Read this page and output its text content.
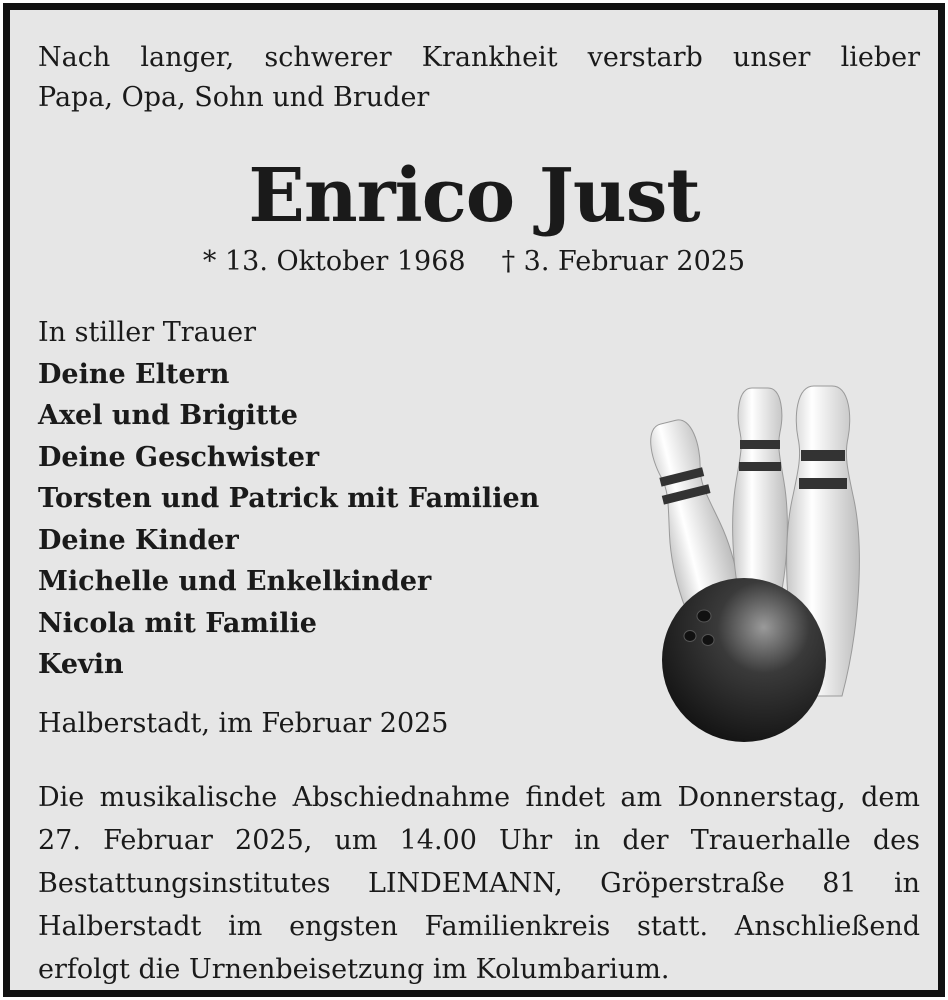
Nach langer, schwerer Krankheit verstarb unser lieber
Papa, Opa, Sohn und Bruder
Enrico Just
* 13. Oktober 1968 † 3. Februar 2025
In stiller Trauer
Deine Eltern
Axel und Brigitte
Deine Geschwister
Torsten und Patrick mit Familien
Deine Kinder
Michelle und Enkelkinder
Nicola mit Familie
Kevin
Halberstadt, im Februar 2025
Die musikalische Abschiednahme findet am Donnerstag, dem
27. Februar 2025, um 14.00 Uhr in der Trauerhalle des
Bestattungsinstitutes LINDEMANN, Gröperstraße 81 in
Halberstadt im engsten Familienkreis statt. Anschließend
erfolgt die Urnenbeisetzung im Kolumbarium.
